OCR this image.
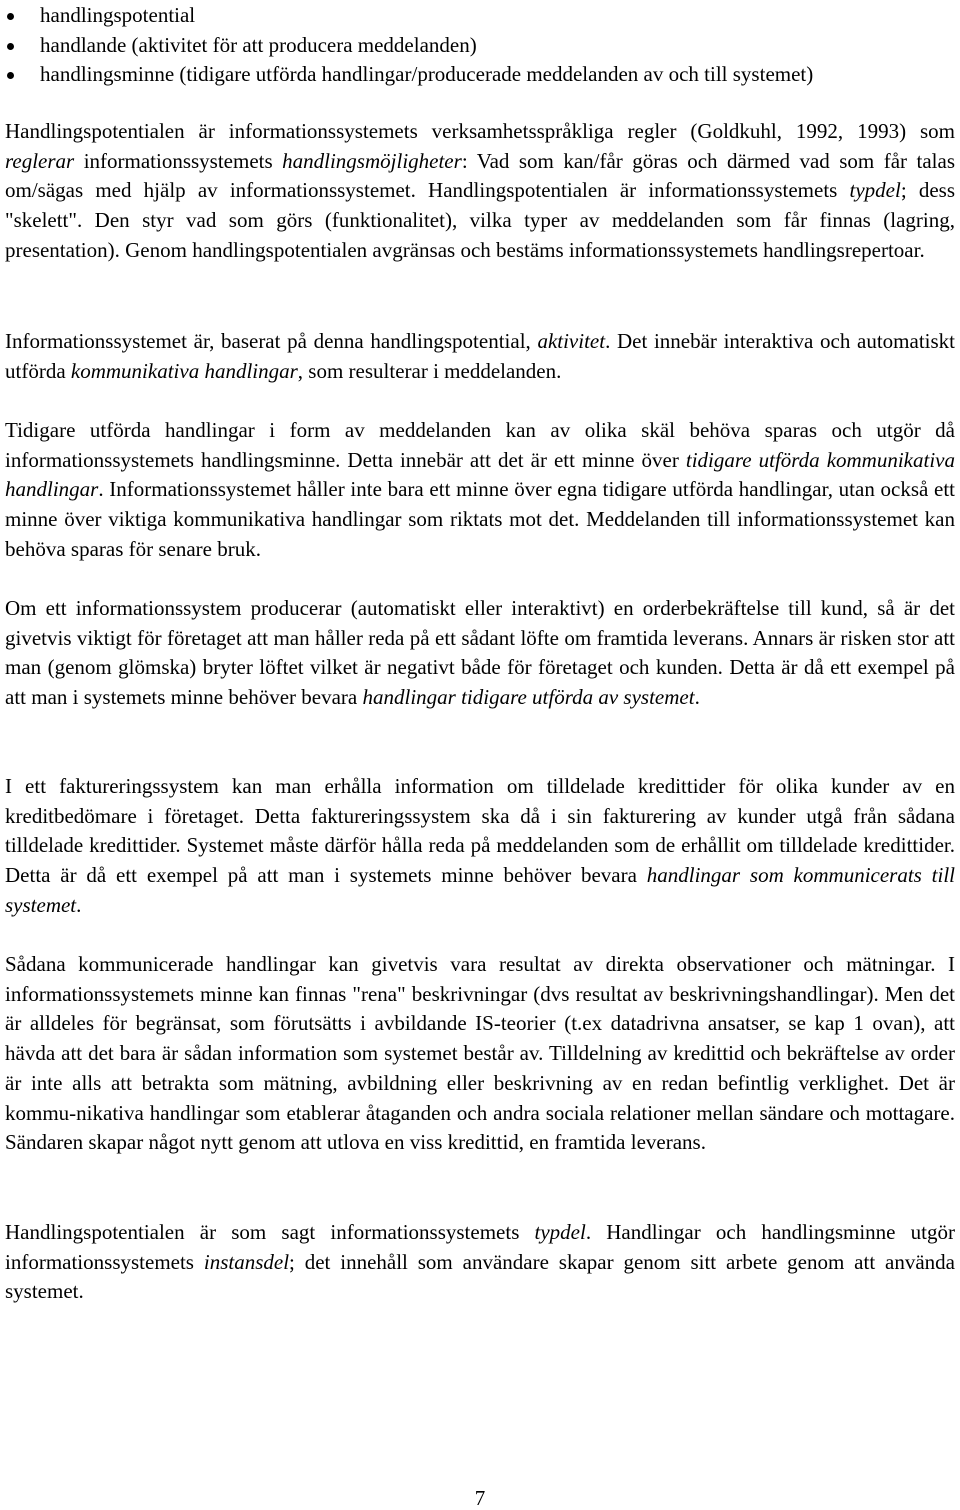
handlingspotential
handlande (aktivitet för att producera meddelanden)
handlingsminne (tidigare utförda handlingar/producerade meddelanden av och till systemet)

Handlingspotentialen är informationssystemets verksamhetsspråkliga regler (Goldkuhl, 1992, 1993) som reglerar informationssystemets handlingsmöjligheter: Vad som kan/får göras och därmed vad som får talas om/sägas med hjälp av informationssystemet. Handlingspotentialen är informationssystemets typdel; dess "skelett". Den styr vad som görs (funktionalitet), vilka typer av meddelanden som får finnas (lagring, presentation). Genom handlingspotentialen avgränsas och bestäms informationssystemets handlingsrepertoar.

Informationssystemet är, baserat på denna handlingspotential, aktivitet. Det innebär interaktiva och automatiskt utförda kommunikativa handlingar, som resulterar i meddelanden.

Tidigare utförda handlingar i form av meddelanden kan av olika skäl behöva sparas och utgör då informationssystemets handlingsminne. Detta innebär att det är ett minne över tidigare utförda kommunikativa handlingar. Informationssystemet håller inte bara ett minne över egna tidigare utförda handlingar, utan också ett minne över viktiga kommunikativa handlingar som riktats mot det. Meddelanden till informationssystemet kan behöva sparas för senare bruk.

Om ett informationssystem producerar (automatiskt eller interaktivt) en orderbekräftelse till kund, så är det givetvis viktigt för företaget att man håller reda på ett sådant löfte om framtida leverans. Annars är risken stor att man (genom glömska) bryter löftet vilket är negativt både för företaget och kunden. Detta är då ett exempel på att man i systemets minne behöver bevara handlingar tidigare utförda av systemet.

I ett faktureringssystem kan man erhålla information om tilldelade kredittider för olika kunder av en kreditbedömare i företaget. Detta faktureringssystem ska då i sin fakturering av kunder utgå från sådana tilldelade kredittider. Systemet måste därför hålla reda på meddelanden som de erhållit om tilldelade kredittider. Detta är då ett exempel på att man i systemets minne behöver bevara handlingar som kommunicerats till systemet.

Sådana kommunicerade handlingar kan givetvis vara resultat av direkta observationer och mätningar. I informationssystemets minne kan finnas "rena" beskrivningar (dvs resultat av beskrivningshandlingar). Men det är alldeles för begränsat, som förutsätts i avbildande IS-teorier (t.ex datadrivna ansatser, se kap 1 ovan), att hävda att det bara är sådan information som systemet består av. Tilldelning av kredittid och bekräftelse av order är inte alls att betrakta som mätning, avbildning eller beskrivning av en redan befintlig verklighet. Det är kommu-nikativa handlingar som etablerar åtaganden och andra sociala relationer mellan sändare och mottagare. Sändaren skapar något nytt genom att utlova en viss kredittid, en framtida leverans.

Handlingspotentialen är som sagt informationssystemets typdel. Handlingar och handlingsminne utgör informationssystemets instansdel; det innehåll som användare skapar genom sitt arbete genom att använda systemet.

7
